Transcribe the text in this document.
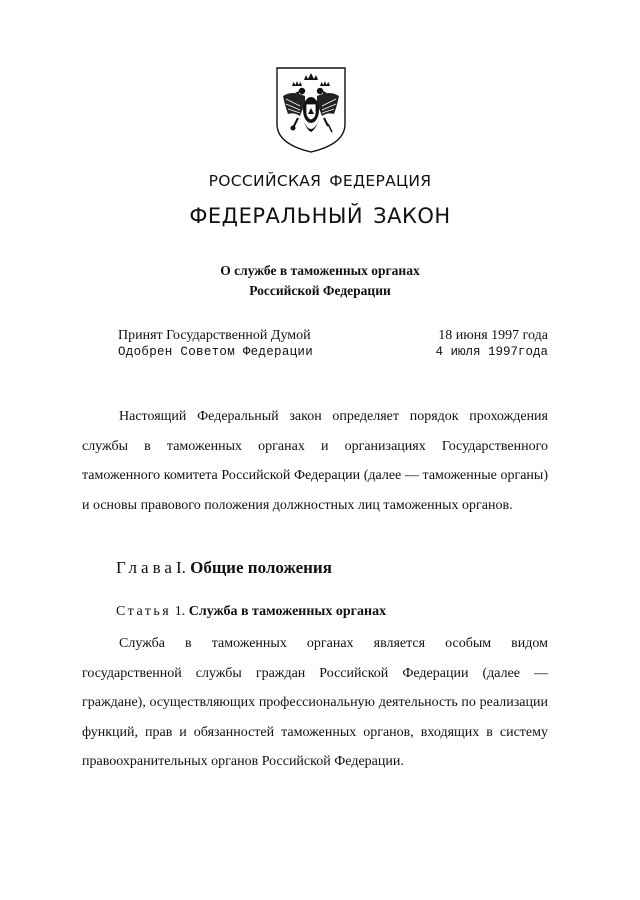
РОССИЙСКАЯ ФЕДЕРАЦИЯ
ФЕДЕРАЛЬНЫЙ ЗАКОН
О службе в таможенных органах
Российской Федерации
Принят Государственной Думой
Одобрен Советом Федерации
18 июня 1997 года
4 июля 1997года

Настоящий Федеральный закон определяет порядок прохождения службы в таможенных органах и организациях Государственного таможенного комитета Российской Федерации (далее — таможенные органы) и основы правового положения должностных лиц таможенных органов.

ГлаваI. Общие положения
Статья 1. Служба в таможенных органах

Служба в таможенных органах является особым видом государственной службы граждан Российской Федерации (далее — граждане), осуществляющих профессиональную деятельность по реализации функций, прав и обязанностей таможенных органов, входящих в систему правоохранительных органов Российской Федерации.
